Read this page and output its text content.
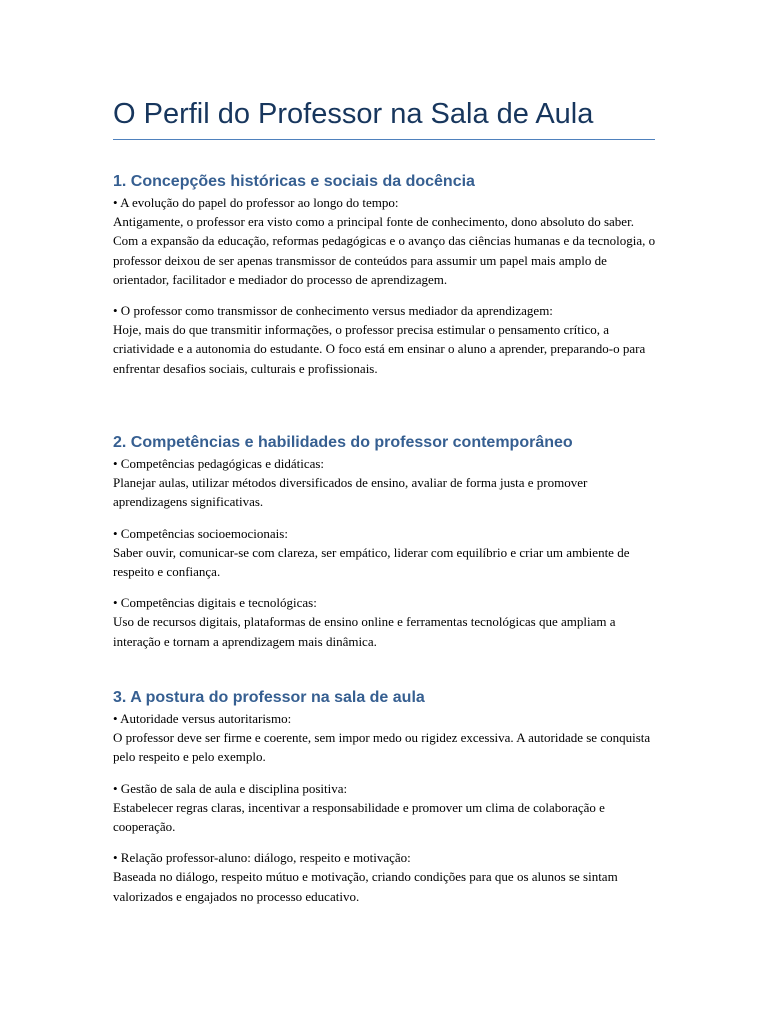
O Perfil do Professor na Sala de Aula
1. Concepções históricas e sociais da docência
• A evolução do papel do professor ao longo do tempo:
Antigamente, o professor era visto como a principal fonte de conhecimento, dono absoluto do saber. Com a expansão da educação, reformas pedagógicas e o avanço das ciências humanas e da tecnologia, o professor deixou de ser apenas transmissor de conteúdos para assumir um papel mais amplo de orientador, facilitador e mediador do processo de aprendizagem.
• O professor como transmissor de conhecimento versus mediador da aprendizagem:
Hoje, mais do que transmitir informações, o professor precisa estimular o pensamento crítico, a criatividade e a autonomia do estudante. O foco está em ensinar o aluno a aprender, preparando-o para enfrentar desafios sociais, culturais e profissionais.
2. Competências e habilidades do professor contemporâneo
• Competências pedagógicas e didáticas:
Planejar aulas, utilizar métodos diversificados de ensino, avaliar de forma justa e promover aprendizagens significativas.
• Competências socioemocionais:
Saber ouvir, comunicar-se com clareza, ser empático, liderar com equilíbrio e criar um ambiente de respeito e confiança.
• Competências digitais e tecnológicas:
Uso de recursos digitais, plataformas de ensino online e ferramentas tecnológicas que ampliam a interação e tornam a aprendizagem mais dinâmica.
3. A postura do professor na sala de aula
• Autoridade versus autoritarismo:
O professor deve ser firme e coerente, sem impor medo ou rigidez excessiva. A autoridade se conquista pelo respeito e pelo exemplo.
• Gestão de sala de aula e disciplina positiva:
Estabelecer regras claras, incentivar a responsabilidade e promover um clima de colaboração e cooperação.
• Relação professor-aluno: diálogo, respeito e motivação:
Baseada no diálogo, respeito mútuo e motivação, criando condições para que os alunos se sintam valorizados e engajados no processo educativo.
